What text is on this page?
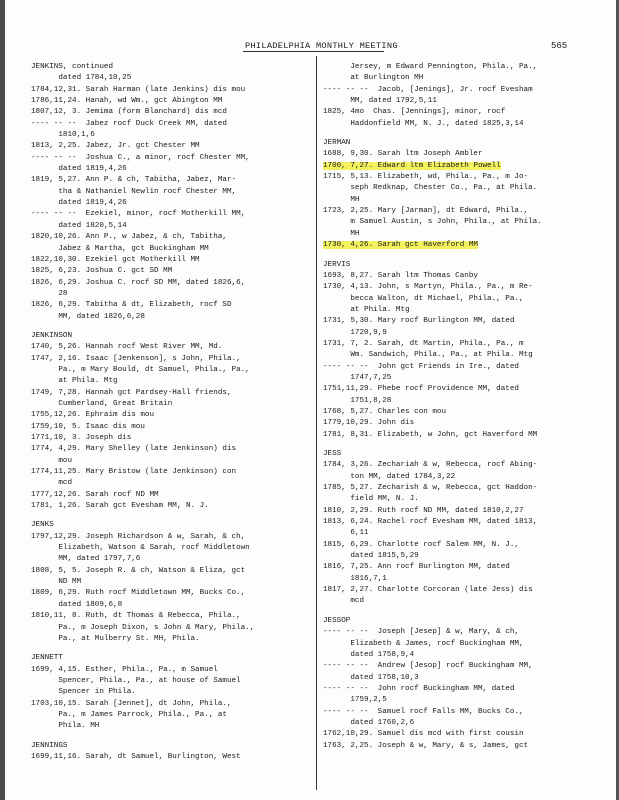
PHILADELPHIA MONTHLY MEETING	565
JENKINS, continued
dated 1784,10,25
1784,12,31. Sarah Harman (late Jenkins) dis mou
1786,11,24. Hanah, wd Wm., gct Abington MM
1807,12, 3. Jemima (form Blanchard) dis mcd
---- -- --  Jabez rocf Duck Creek MM, dated
1810,1,6
1813, 2,25. Jabez, Jr. gct Chester MM
---- -- --  Joshua C., a minor, rocf Chester MM,
dated 1819,4,26
1819, 5,27. Ann P. & ch, Tabitha, Jabez, Mar-
tha & Nathaniel Newlin rocf Chester MM,
dated 1819,4,26
---- -- --  Ezekiel, minor, rocf Motherkill MM,
dated 1820,5,14
1820,10,26. Ann P., w Jabez, & ch, Tabitha,
Jabez & Martha, gct Buckingham MM
1822,10,30. Ezekiel gct Motherkill MM
1825, 6,23. Joshua C. gct SD MM
1826, 6,29. Joshua C. rocf SD MM, dated 1826,6,
28
1826, 6,29. Tabitha & dt, Elizabeth, rocf SD
MM, dated 1826,6,28
JENKINSON
1740, 5,26. Hannah rocf West River MM, Md.
1747, 2,16. Isaac [Jenkenson], s John, Phila.,
Pa., m Mary Bould, dt Samuel, Phila., Pa.,
at Phila. Mtg
1749, 7,28. Hannah gct Pardsey-Hall friends,
Cumberland, Great Britain
1755,12,26. Ephraim dis mou
1759,10, 5. Isaac dis mou
1771,10, 3. Joseph dis
1774, 4,29. Mary Shelley (late Jenkinson) dis
mou
1774,11,25. Mary Bristow (late Jenkinson) con
mcd
1777,12,26. Sarah rocf ND MM
1781, 1,26. Sarah gct Evesham MM, N. J.
JENKS
1797,12,29. Joseph Richardson & w, Sarah, & ch,
Elizabeth, Watson & Sarah, rocf Middletown
MM, dated 1797,7,6
1808, 5, 5. Joseph R. & ch, Watson & Eliza, gct
ND MM
1809, 6,29. Ruth rocf Middletown MM, Bucks Co.,
dated 1809,6,8
1810,11, 8. Ruth, dt Thomas & Rebecca, Phila.,
Pa., m Joseph Dixon, s John & Mary, Phila.,
Pa., at Mulberry St. MH, Phila.
JENNETT
1699, 4,15. Esther, Phila., Pa., m Samuel
Spencer, Phila., Pa., at house of Samuel
Spencer in Phila.
1703,10,15. Sarah [Jennet], dt John, Phila.,
Pa., m James Parrock, Phila., Pa., at
Phila. MH
JENNINGS
1699,11,16. Sarah, dt Samuel, Burlington, West
Jersey, m Edward Pennington, Phila., Pa.,
at Burlington MH
---- -- --  Jacob, [Jenings], Jr. rocf Evesham
MM, dated 1792,5,11
1825, 4mo  Chas. [Jennings], minor, rocf
Haddonfield MM, N. J., dated 1825,3,14
JERMAN
1688, 9,30. Sarah ltm Joseph Ambler
1700, 7,27. Edward ltm Elizabeth Powell
1715, 5,13. Elizabeth, wd, Phila., Pa., m Jo-
seph Redknap, Chester Co., Pa., at Phila.
MH
1723, 2,25. Mary [Jarman], dt Edward, Phila.,
m Samuel Austin, s John, Phila., at Phila.
MH
1730, 4,26. Sarah gct Haverford MM
JERVIS
1693, 8,27. Sarah ltm Thomas Canby
1730, 4,13. John, s Martyn, Phila., Pa., m Re-
becca Walton, dt Michael, Phila., Pa.,
at Phila. Mtg
1731, 5,30. Mary rocf Burlington MM, dated
1720,9,9
1731, 7, 2. Sarah, dt Martin, Phila., Pa., m
Wm. Sandwich, Phila., Pa., at Phila. Mtg
---- -- --  John gct Friends in Ire., dated
1747,7,25
1751,11,29. Phebe rocf Providence MM, dated
1751,8,28
1768, 5,27. Charles con mou
1779,10,29. John dis
1781, 8,31. Elizabeth, w John, gct Haverford MM
JESS
1784, 3,26. Zechariah & w, Rebecca, rocf Abing-
ton MM, dated 1784,3,22
1785, 5,27. Zecharish & w, Rebecca, gct Haddon-
field MM, N. J.
1810, 2,29. Ruth rocf ND MM, dated 1810,2,27
1813, 6,24. Rachel rocf Evesham MM, dated 1813,
6,11
1815, 6,29. Charlotte rocf Salem MM, N. J.,
dated 1815,5,29
1816, 7,25. Ann rocf Burlington MM, dated
1816,7,1
1817, 2,27. Charlotte Corcoran (late Jess) dis
mcd
JESSOP
---- -- --  Joseph [Jesep] & w, Mary, & ch,
Elizabeth & James, rocf Buckingham MM,
dated 1758,9,4
---- -- --  Andrew [Jesop] rocf Buckingham MM,
dated 1758,10,3
---- -- --  John rocf Buckingham MM, dated
1759,2,5
---- -- --  Samuel rocf Falls MM, Bucks Co.,
dated 1760,2,6
1762,10,29. Samuel dis mcd with first cousin
1763, 2,25. Joseph & w, Mary, & s, James, gct
